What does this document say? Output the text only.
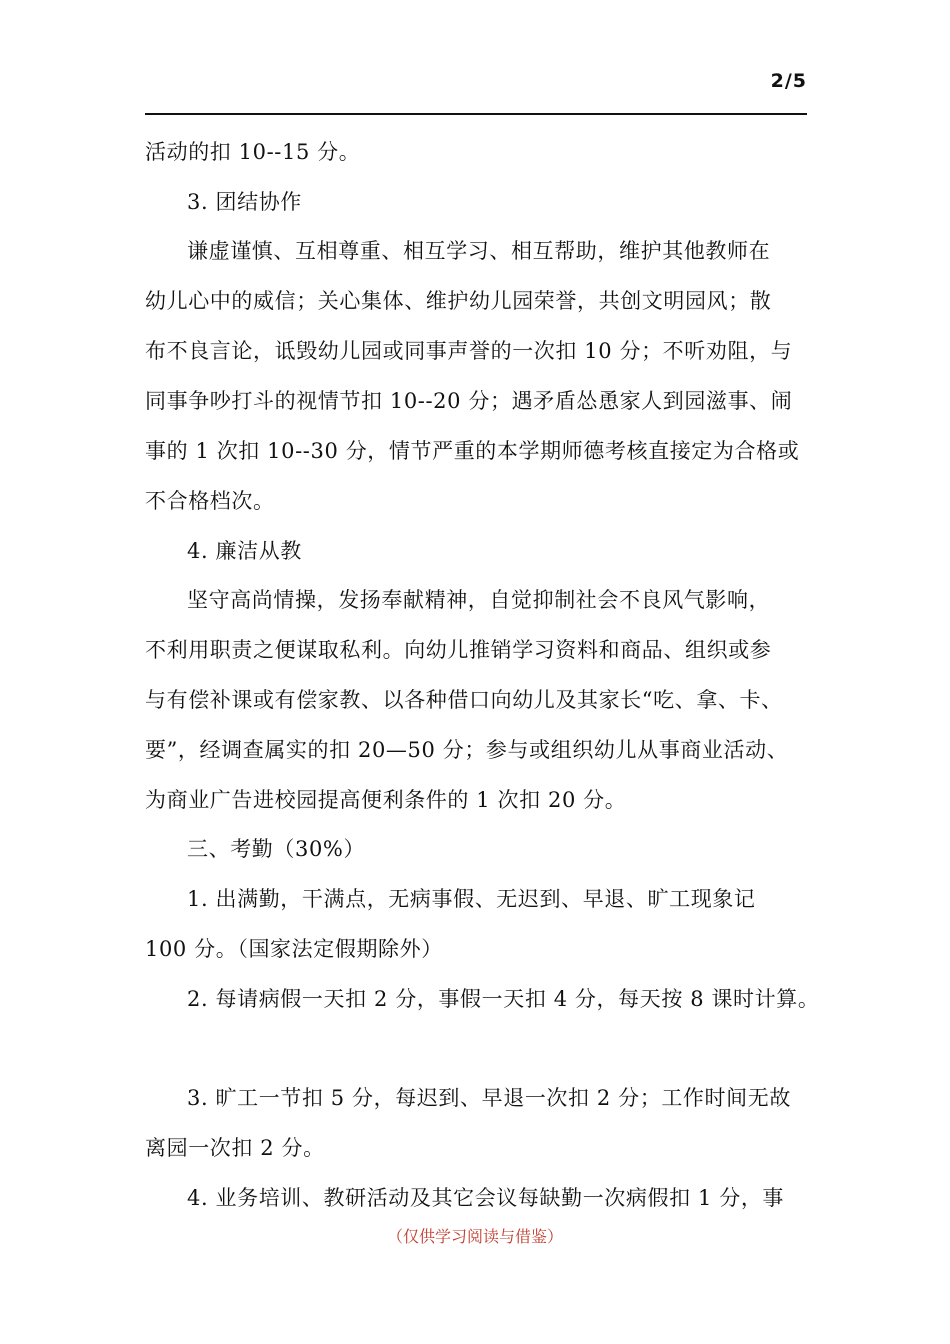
2/5
活动的扣 10--15 分。
3. 团结协作
谦虚谨慎、互相尊重、相互学习、相互帮助，维护其他教师在
幼儿心中的威信；关心集体、维护幼儿园荣誉，共创文明园风；散
布不良言论，诋毁幼儿园或同事声誉的一次扣 10 分；不听劝阻，与
同事争吵打斗的视情节扣 10--20 分；遇矛盾怂恿家人到园滋事、闹
事的 1 次扣 10--30 分，情节严重的本学期师德考核直接定为合格或
不合格档次。
4. 廉洁从教
坚守高尚情操，发扬奉献精神，自觉抑制社会不良风气影响，
不利用职责之便谋取私利。向幼儿推销学习资料和商品、组织或参
与有偿补课或有偿家教、以各种借口向幼儿及其家长“吃、拿、卡、
要”，经调查属实的扣 20—50 分；参与或组织幼儿从事商业活动、
为商业广告进校园提高便利条件的 1 次扣 20 分。
三、考勤（30%）
1. 出满勤，干满点，无病事假、无迟到、早退、旷工现象记
100 分。（国家法定假期除外）
2. 每请病假一天扣 2 分，事假一天扣 4 分，每天按 8 课时计算。
3. 旷工一节扣 5 分，每迟到、早退一次扣 2 分；工作时间无故
离园一次扣 2 分。
4. 业务培训、教研活动及其它会议每缺勤一次病假扣 1 分，事
（仅供学习阅读与借鉴）
